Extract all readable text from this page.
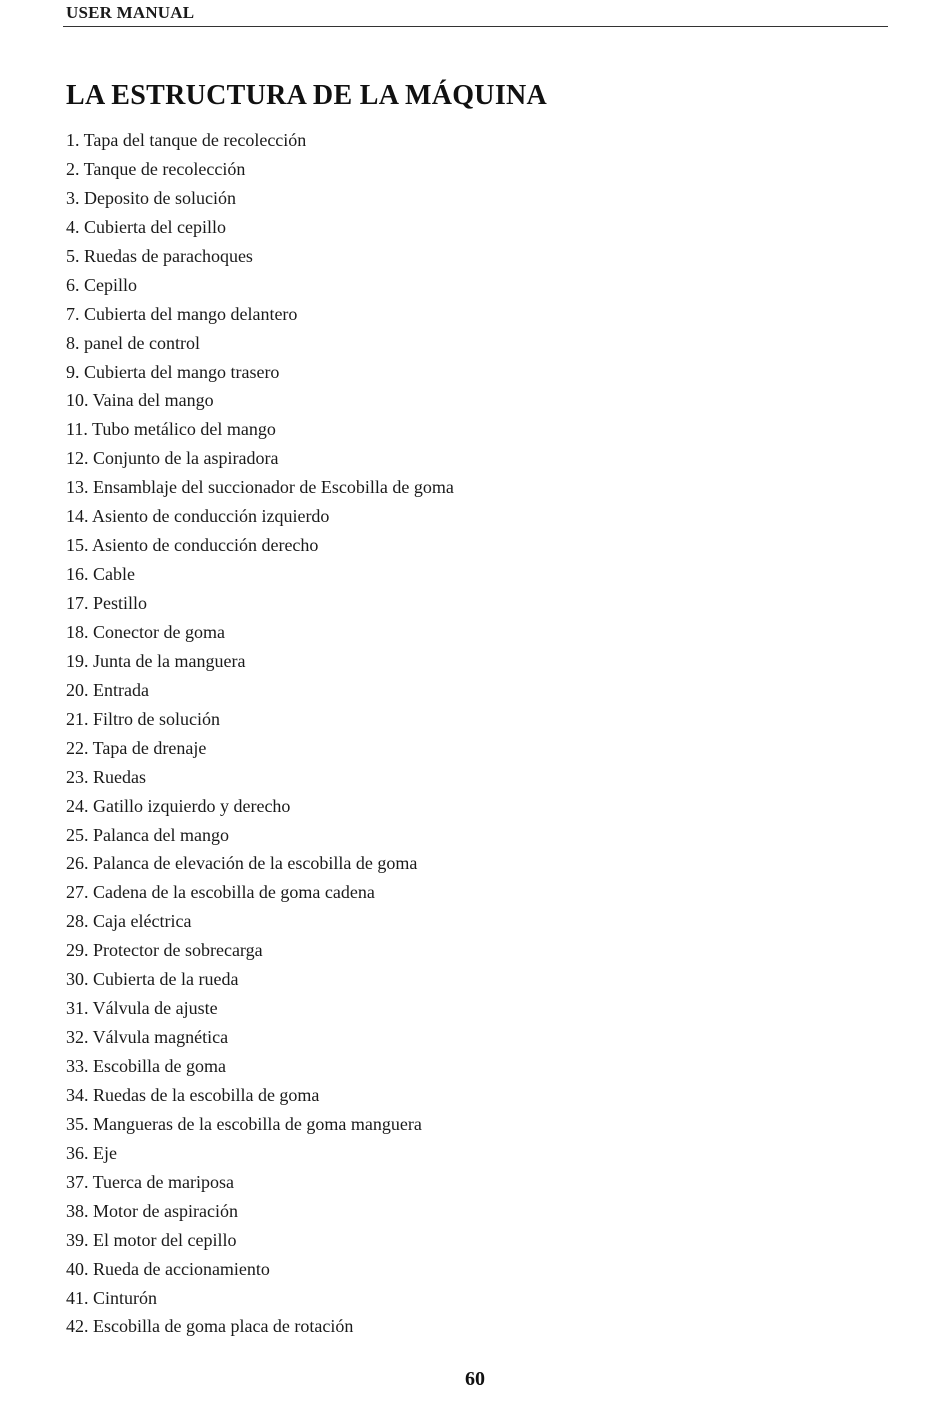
USER MANUAL
LA ESTRUCTURA DE LA MÁQUINA
1. Tapa del tanque de recolección
2. Tanque de recolección
3. Deposito de solución
4. Cubierta del cepillo
5. Ruedas de parachoques
6. Cepillo
7. Cubierta del mango delantero
8. panel de control
9. Cubierta del mango trasero
10. Vaina del mango
11. Tubo metálico del mango
12. Conjunto de la aspiradora
13. Ensamblaje del succionador de Escobilla de goma
14. Asiento de conducción izquierdo
15. Asiento de conducción derecho
16. Cable
17. Pestillo
18. Conector de goma
19. Junta de la manguera
20. Entrada
21. Filtro de solución
22. Tapa de drenaje
23. Ruedas
24. Gatillo izquierdo y derecho
25. Palanca del mango
26. Palanca de elevación de la escobilla de goma
27. Cadena de la escobilla de goma cadena
28. Caja eléctrica
29. Protector de sobrecarga
30. Cubierta de la rueda
31. Válvula de ajuste
32. Válvula magnética
33. Escobilla de goma
34. Ruedas de la escobilla de goma
35. Mangueras de la escobilla de goma manguera
36. Eje
37. Tuerca de mariposa
38. Motor de aspiración
39. El motor del cepillo
40. Rueda de accionamiento
41. Cinturón
42. Escobilla de goma placa de rotación
60
